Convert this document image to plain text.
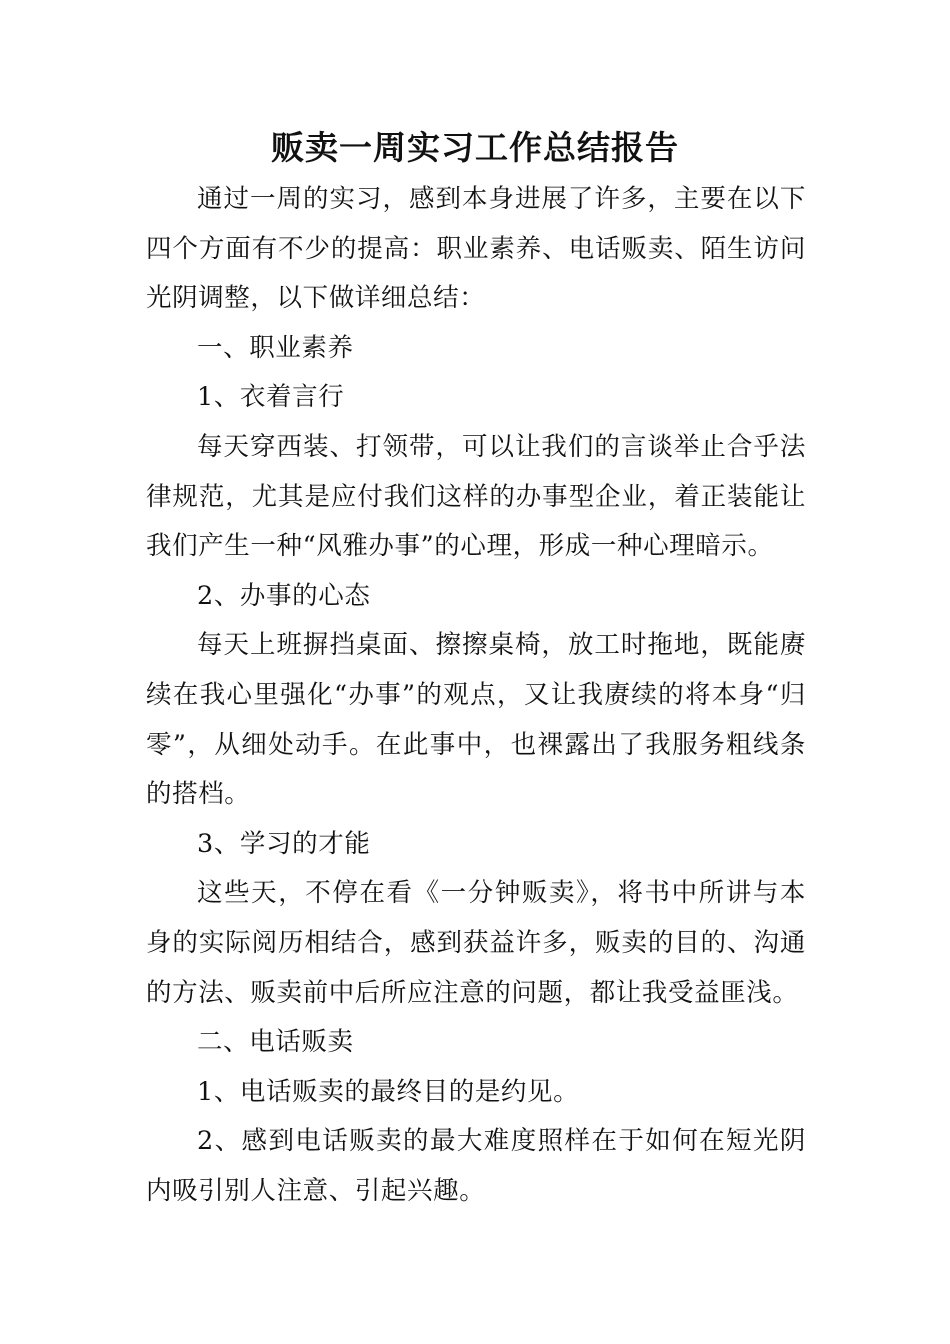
贩卖一周实习工作总结报告

通过一周的实习，感到本身进展了许多，主要在以下四个方面有不少的提高：职业素养、电话贩卖、陌生访问光阴调整，以下做详细总结：

一、职业素养

1、衣着言行

每天穿西装、打领带，可以让我们的言谈举止合乎法律规范，尤其是应付我们这样的办事型企业，着正装能让我们产生一种“风雅办事”的心理，形成一种心理暗示。

2、办事的心态

每天上班摒挡桌面、擦擦桌椅，放工时拖地，既能赓续在我心里强化“办事”的观点，又让我赓续的将本身“归零”，从细处动手。在此事中，也裸露出了我服务粗线条的搭档。

3、学习的才能

这些天，不停在看《一分钟贩卖》，将书中所讲与本身的实际阅历相结合，感到获益许多，贩卖的目的、沟通的方法、贩卖前中后所应注意的问题，都让我受益匪浅。

二、电话贩卖

1、电话贩卖的最终目的是约见。

2、感到电话贩卖的最大难度照样在于如何在短光阴内吸引别人注意、引起兴趣。
